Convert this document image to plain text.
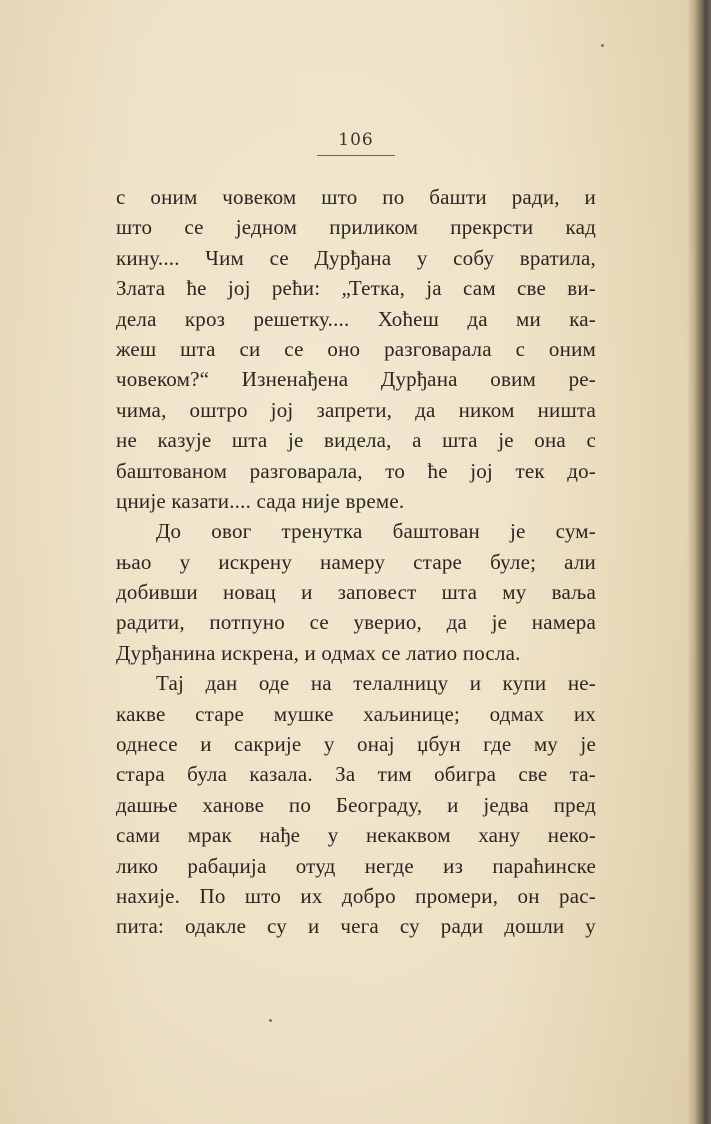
106
с оним човеком што по башти ради, и
што се једном приликом прекрсти кад
кину.... Чим се Дурђана у собу вратила,
Злата ће јој рећи: „Тетка, ја сам све ви-
дела кроз решетку.... Хоћеш да ми ка-
жеш шта си се оно разговарала с оним
човеком?“ Изненађена Дурђана овим ре-
чима, оштро јој запрети, да ником ништа
не казује шта је видела, а шта је она с
баштованом разговарала, то ће јој тек до-
цније казати.... сада није време.
До овог тренутка баштован је сум-
њао у искрену намеру старе буле; али
добивши новац и заповест шта му ваља
радити, потпуно се уверио, да је намера
Дурђанина искрена, и одмах се латио посла.
Тај дан оде на телалницу и купи не-
какве старе мушке хаљинице; одмах их
однесе и сакрије у онај џбун где му је
стара була казала. За тим обигра све та-
дашње ханове по Београду, и једва пред
сами мрак нађе у некаквом хану неко-
лико рабаџија отуд негде из параћинске
нахије. По што их добро промери, он рас-
пита: одакле су и чега су ради дошли у
